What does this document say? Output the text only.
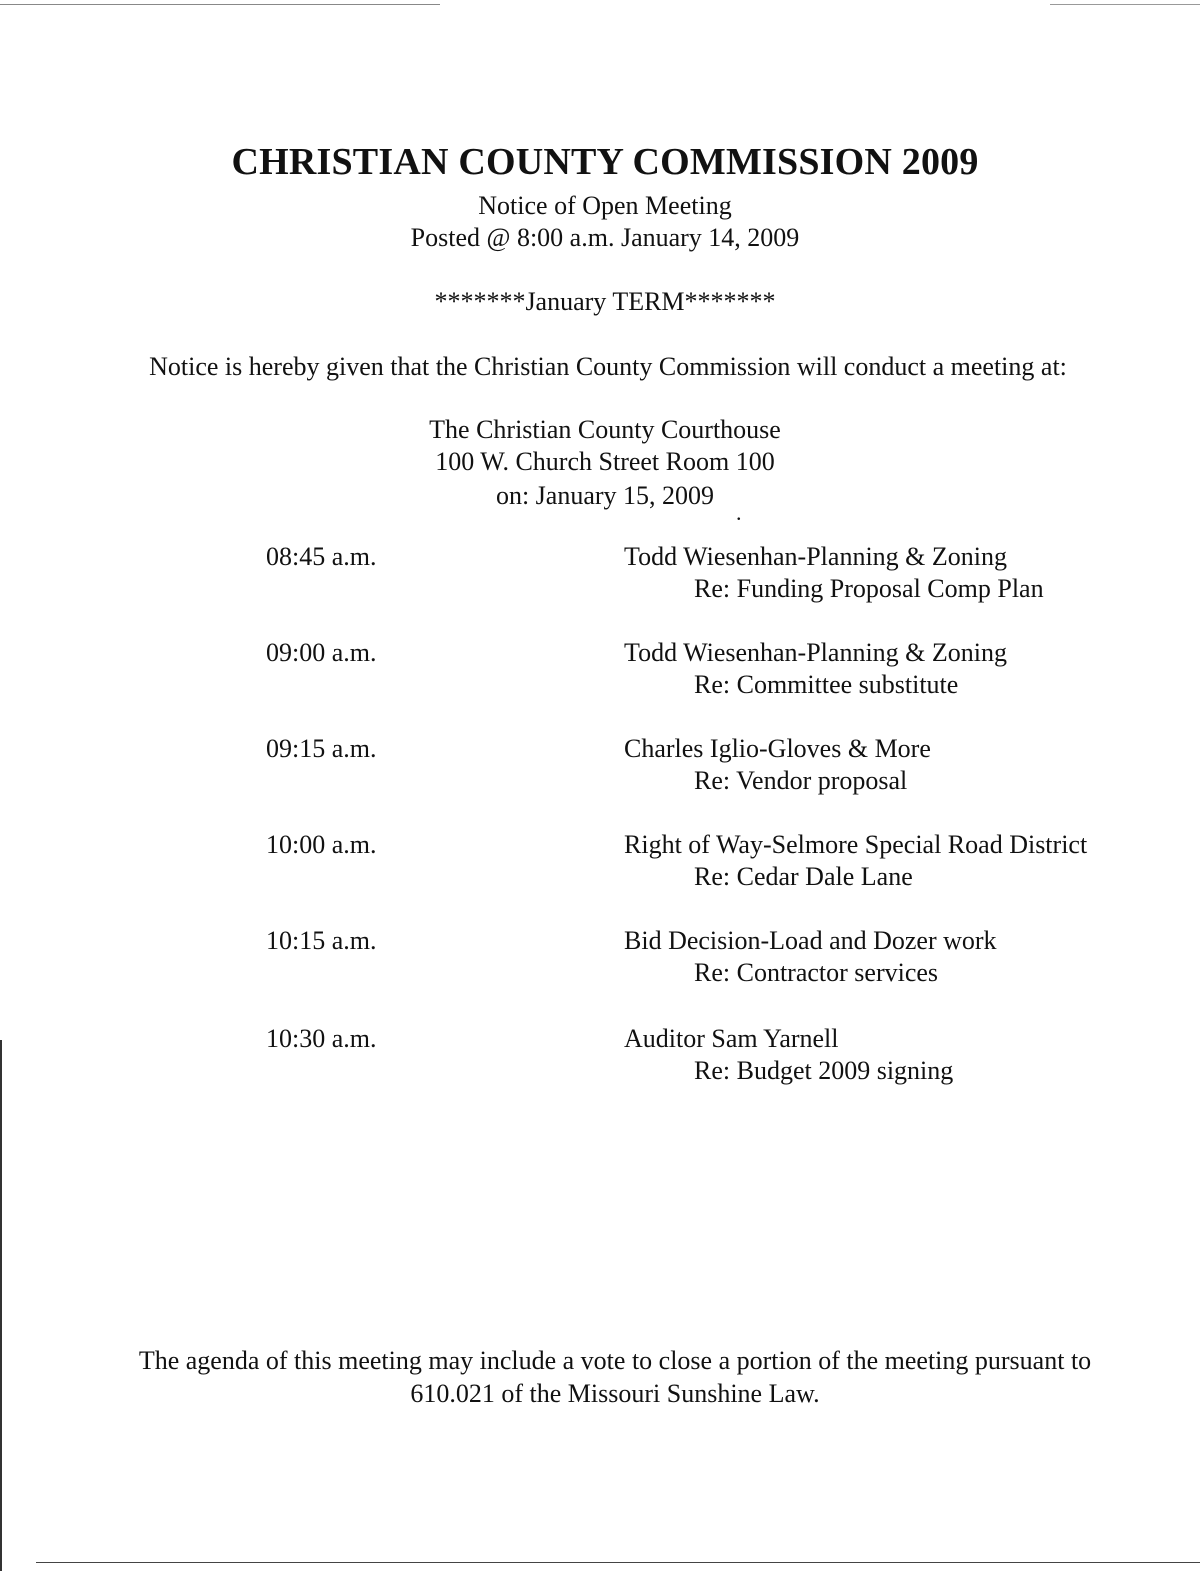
CHRISTIAN COUNTY COMMISSION 2009
Notice of Open Meeting
Posted @ 8:00 a.m. January 14, 2009
*******January TERM*******
Notice is hereby given that the Christian County Commission will conduct a meeting at:
The Christian County Courthouse
100 W. Church Street Room 100
on: January 15, 2009
.
08:45 a.m.	Todd Wiesenhan-Planning & Zoning
Re: Funding Proposal Comp Plan
09:00 a.m.	Todd Wiesenhan-Planning & Zoning
Re: Committee substitute
09:15 a.m.	Charles Iglio-Gloves & More
Re: Vendor proposal
10:00 a.m.	Right of Way-Selmore Special Road District
Re: Cedar Dale Lane
10:15 a.m.	Bid Decision-Load and Dozer work
Re: Contractor services
10:30 a.m.	Auditor Sam Yarnell
Re: Budget 2009 signing
The agenda of this meeting may include a vote to close a portion of the meeting pursuant to
610.021 of the Missouri Sunshine Law.
